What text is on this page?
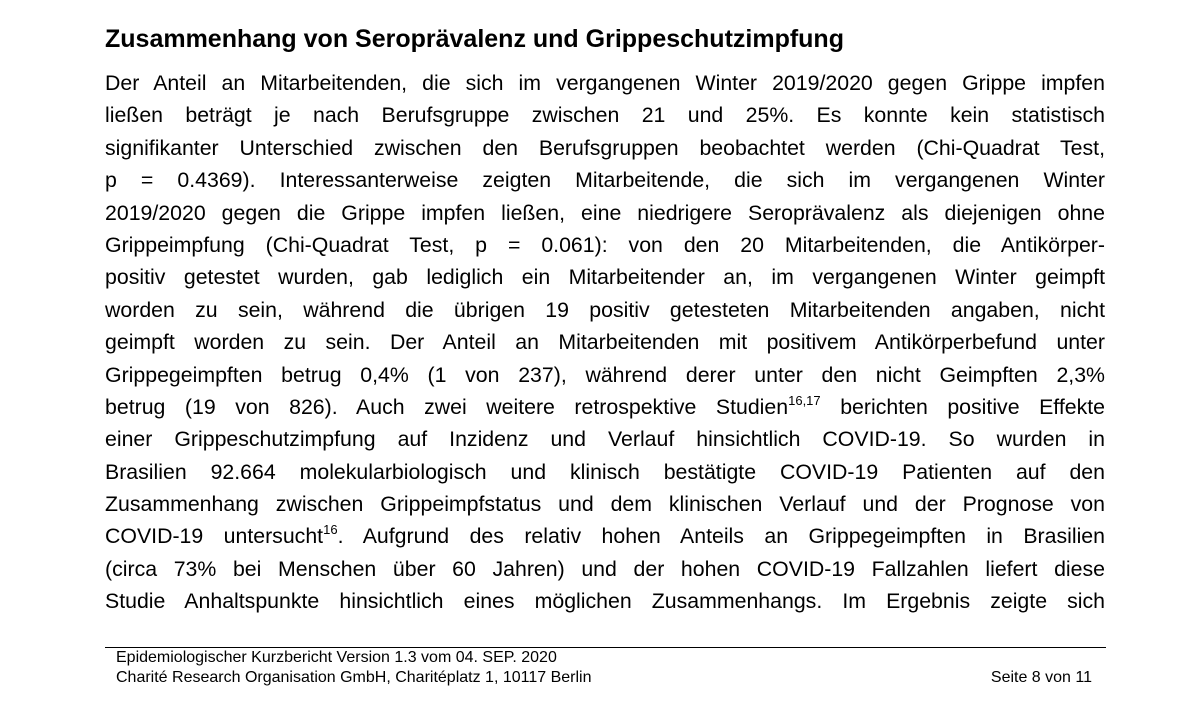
Zusammenhang von Seroprävalenz und Grippeschutzimpfung
Der Anteil an Mitarbeitenden, die sich im vergangenen Winter 2019/2020 gegen Grippe impfen
ließen beträgt je nach Berufsgruppe zwischen 21 und 25%. Es konnte kein statistisch
signifikanter Unterschied zwischen den Berufsgruppen beobachtet werden (Chi-Quadrat Test,
p = 0.4369). Interessanterweise zeigten Mitarbeitende, die sich im vergangenen Winter
2019/2020 gegen die Grippe impfen ließen, eine niedrigere Seroprävalenz als diejenigen ohne
Grippeimpfung (Chi-Quadrat Test, p = 0.061): von den 20 Mitarbeitenden, die Antikörper-
positiv getestet wurden, gab lediglich ein Mitarbeitender an, im vergangenen Winter geimpft
worden zu sein, während die übrigen 19 positiv getesteten Mitarbeitenden angaben, nicht
geimpft worden zu sein. Der Anteil an Mitarbeitenden mit positivem Antikörperbefund unter
Grippegeimpften betrug 0,4% (1 von 237), während derer unter den nicht Geimpften 2,3%
betrug (19 von 826). Auch zwei weitere retrospektive Studien$^{16,17}$ berichten positive Effekte
einer Grippeschutzimpfung auf Inzidenz und Verlauf hinsichtlich COVID-19. So wurden in
Brasilien 92.664 molekularbiologisch und klinisch bestätigte COVID-19 Patienten auf den
Zusammenhang zwischen Grippeimpfstatus und dem klinischen Verlauf und der Prognose von
COVID-19 untersucht$^{16}$. Aufgrund des relativ hohen Anteils an Grippegeimpften in Brasilien
(circa 73% bei Menschen über 60 Jahren) und der hohen COVID-19 Fallzahlen liefert diese
Studie Anhaltspunkte hinsichtlich eines möglichen Zusammenhangs. Im Ergebnis zeigte sich
Epidemiologischer Kurzbericht Version 1.3 vom 04. SEP. 2020
Charité Research Organisation GmbH, Charitéplatz 1, 10117 Berlin	Seite 8 von 11
